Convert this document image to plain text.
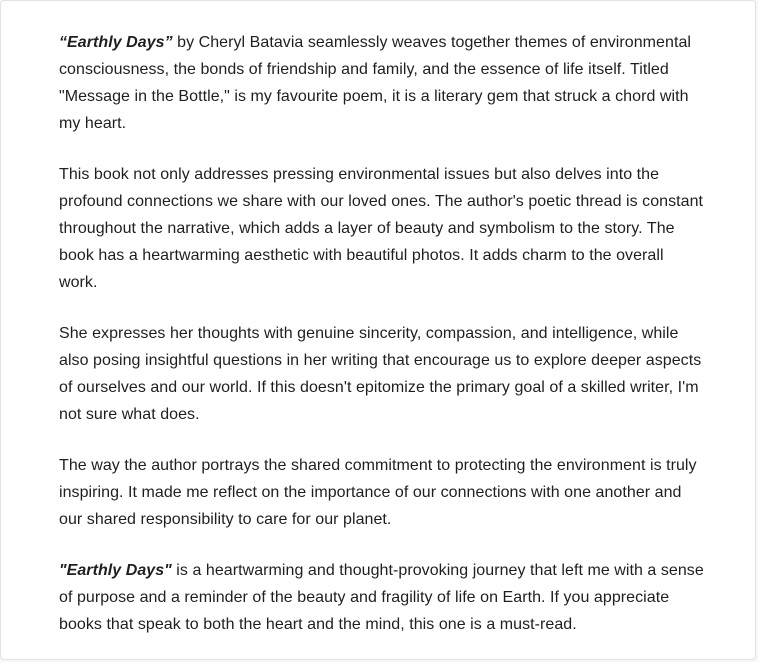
“Earthly Days” by Cheryl Batavia seamlessly weaves together themes of environmental consciousness, the bonds of friendship and family, and the essence of life itself. Titled "Message in the Bottle," is my favourite poem, it is a literary gem that struck a chord with my heart.

This book not only addresses pressing environmental issues but also delves into the profound connections we share with our loved ones. The author's poetic thread is constant throughout the narrative, which adds a layer of beauty and symbolism to the story. The book has a heartwarming aesthetic with beautiful photos. It adds charm to the overall work.

She expresses her thoughts with genuine sincerity, compassion, and intelligence, while also posing insightful questions in her writing that encourage us to explore deeper aspects of ourselves and our world. If this doesn't epitomize the primary goal of a skilled writer, I'm not sure what does.

The way the author portrays the shared commitment to protecting the environment is truly inspiring. It made me reflect on the importance of our connections with one another and our shared responsibility to care for our planet.

"Earthly Days" is a heartwarming and thought-provoking journey that left me with a sense of purpose and a reminder of the beauty and fragility of life on Earth. If you appreciate books that speak to both the heart and the mind, this one is a must-read.
